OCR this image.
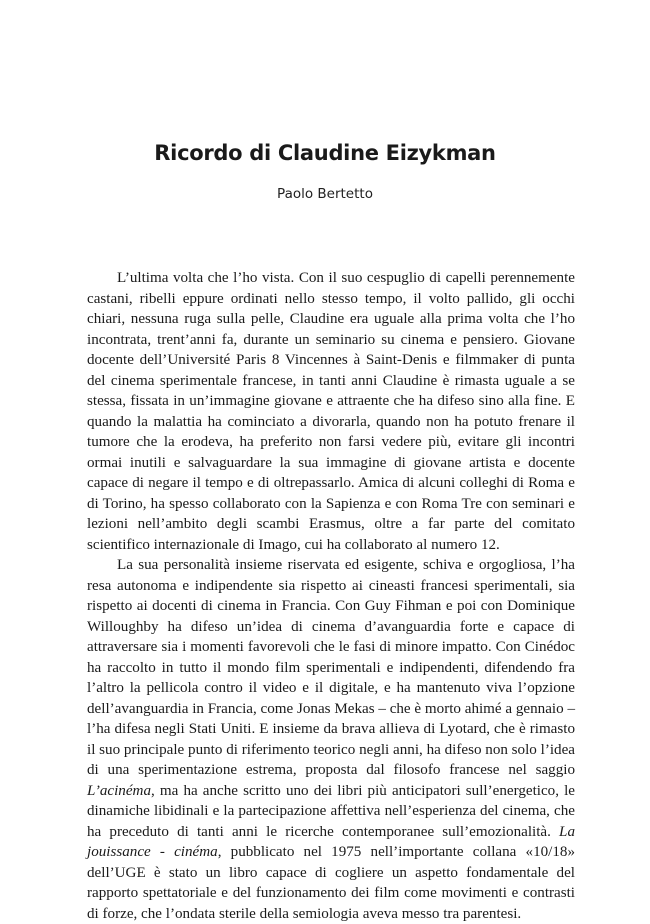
Ricordo di Claudine Eizykman
Paolo Bertetto

L’ultima volta che l’ho vista. Con il suo cespuglio di capelli perennemente castani, ribelli eppure ordinati nello stesso tempo, il volto pallido, gli occhi chiari, nessuna ruga sulla pelle, Claudine era uguale alla prima volta che l’ho incontrata, trent’anni fa, durante un seminario su cinema e pensiero. Giovane docente dell’Université Paris 8 Vincennes à Saint-Denis e filmmaker di punta del cinema sperimentale francese, in tanti anni Claudine è rimasta uguale a se stessa, fissata in un’immagine giovane e attraente che ha difeso sino alla fine. E quando la malattia ha cominciato a divorarla, quando non ha potuto frenare il tumore che la erodeva, ha preferito non farsi vedere più, evitare gli incontri ormai inutili e salvaguardare la sua immagine di giovane artista e docente capace di negare il tempo e di oltrepassarlo. Amica di alcuni colleghi di Roma e di Torino, ha spesso collaborato con la Sapienza e con Roma Tre con seminari e lezioni nell’ambito degli scambi Erasmus, oltre a far parte del comitato scientifico internazionale di Imago, cui ha collaborato al numero 12.

La sua personalità insieme riservata ed esigente, schiva e orgogliosa, l’ha resa autonoma e indipendente sia rispetto ai cineasti francesi sperimentali, sia rispetto ai docenti di cinema in Francia. Con Guy Fihman e poi con Dominique Willoughby ha difeso un’idea di cinema d’avanguardia forte e capace di attraversare sia i momenti favorevoli che le fasi di minore impatto. Con Cinédoc ha raccolto in tutto il mondo film sperimentali e indipendenti, difendendo fra l’altro la pellicola contro il video e il digitale, e ha mantenuto viva l’opzione dell’avanguardia in Francia, come Jonas Mekas – che è morto ahimé a gennaio – l’ha difesa negli Stati Uniti. E insieme da brava allieva di Lyotard, che è rimasto il suo principale punto di riferimento teorico negli anni, ha difeso non solo l’idea di una sperimentazione estrema, proposta dal filosofo francese nel saggio L’acinéma, ma ha anche scritto uno dei libri più anticipatori sull’energetico, le dinamiche libidinali e la partecipazione affettiva nell’esperienza del cinema, che ha preceduto di tanti anni le ricerche contemporanee sull’emozionalità. La jouissance - cinéma, pubblicato nel 1975 nell’importante collana «10/18» dell’UGE è stato un libro capace di cogliere un aspetto fondamentale del rapporto spettatoriale e del funzionamento dei film come movimenti e contrasti di forze, che l’ondata sterile della semiologia aveva messo tra parentesi.
